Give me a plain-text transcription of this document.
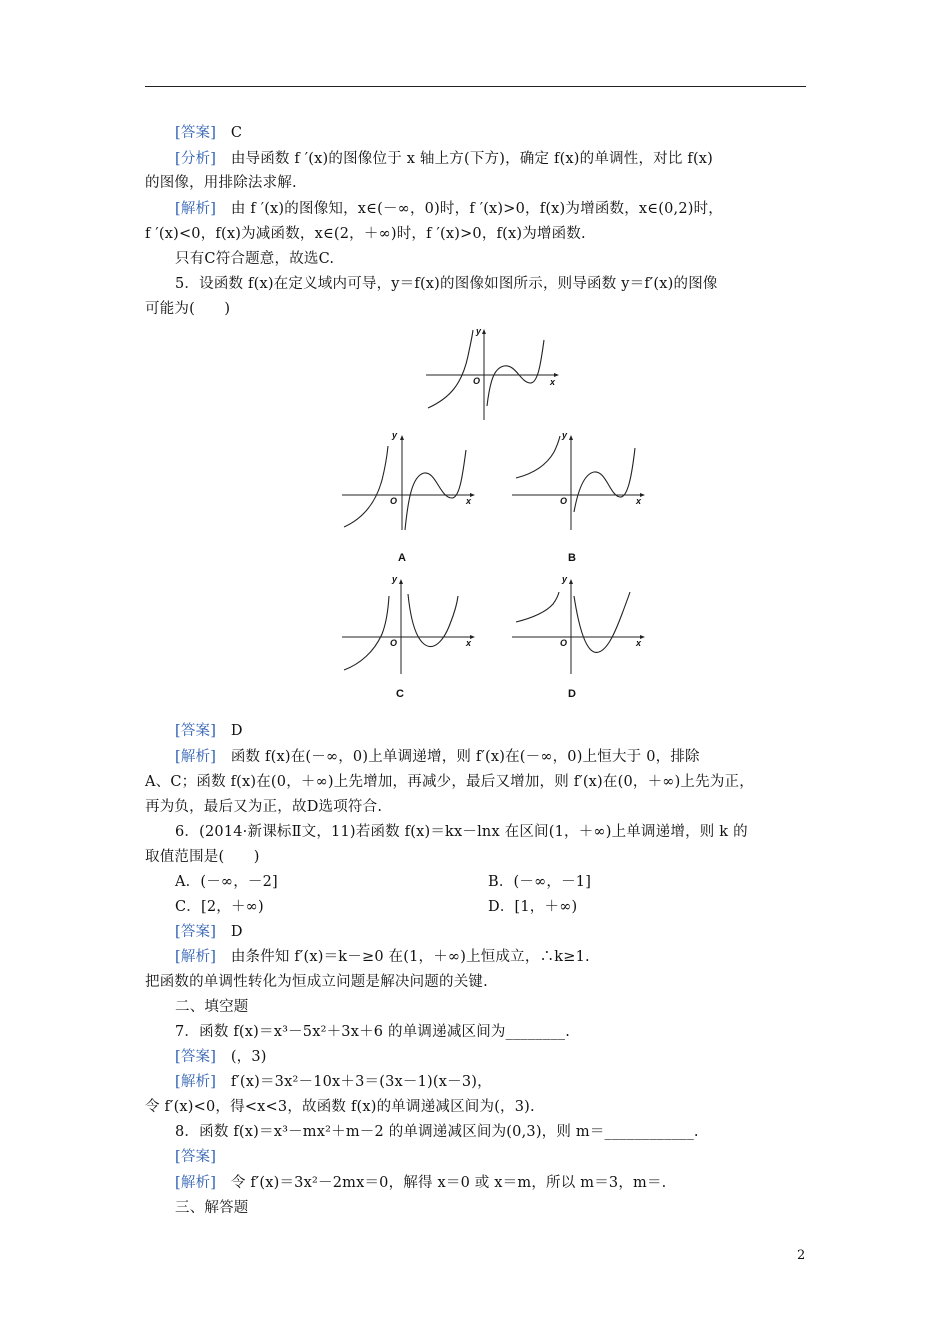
[答案]　C
[分析]　由导函数 f ′(x)的图像位于 x 轴上方(下方)，确定 f(x)的单调性，对比 f(x)
的图像，用排除法求解.
[解析]　由 f ′(x)的图像知，x∈(－∞，0)时，f ′(x)>0，f(x)为增函数，x∈(0,2)时，
f ′(x)<0，f(x)为减函数，x∈(2，＋∞)时，f ′(x)>0，f(x)为增函数.
只有C符合题意，故选C.
5．设函数 f(x)在定义域内可导，y＝f(x)的图像如图所示，则导函数 y＝f′(x)的图像
可能为(　　)
y
x
O
y
x
O
A
y
x
O
B
y
x
O
C
y
x
O
D
[答案]　D
[解析]　函数 f(x)在(－∞，0)上单调递增，则 f′(x)在(－∞，0)上恒大于 0，排除
A、C；函数 f(x)在(0，＋∞)上先增加，再减少，最后又增加，则 f′(x)在(0，＋∞)上先为正，
再为负，最后又为正，故D选项符合.
6．(2014·新课标Ⅱ文，11)若函数 f(x)＝kx－lnx 在区间(1，＋∞)上单调递增，则 k 的
取值范围是(　　)
A．(－∞，－2]	B．(－∞，－1]
C．[2，＋∞)	D．[1，＋∞)
[答案]　D
[解析]　由条件知 f′(x)＝k－≥0 在(1，＋∞)上恒成立，∴k≥1.
把函数的单调性转化为恒成立问题是解决问题的关键.
二、填空题
7．函数 f(x)＝x³－5x²＋3x＋6 的单调递减区间为________.
[答案]　(，3)
[解析]　f′(x)＝3x²－10x＋3＝(3x－1)(x－3)，
令 f′(x)<0，得<x<3，故函数 f(x)的单调递减区间为(，3).
8．函数 f(x)＝x³－mx²＋m－2 的单调递减区间为(0,3)，则 m＝____________.
[答案]
[解析]　令 f′(x)＝3x²－2mx＝0，解得 x＝0 或 x＝m，所以 m＝3，m＝.
三、解答题
2
